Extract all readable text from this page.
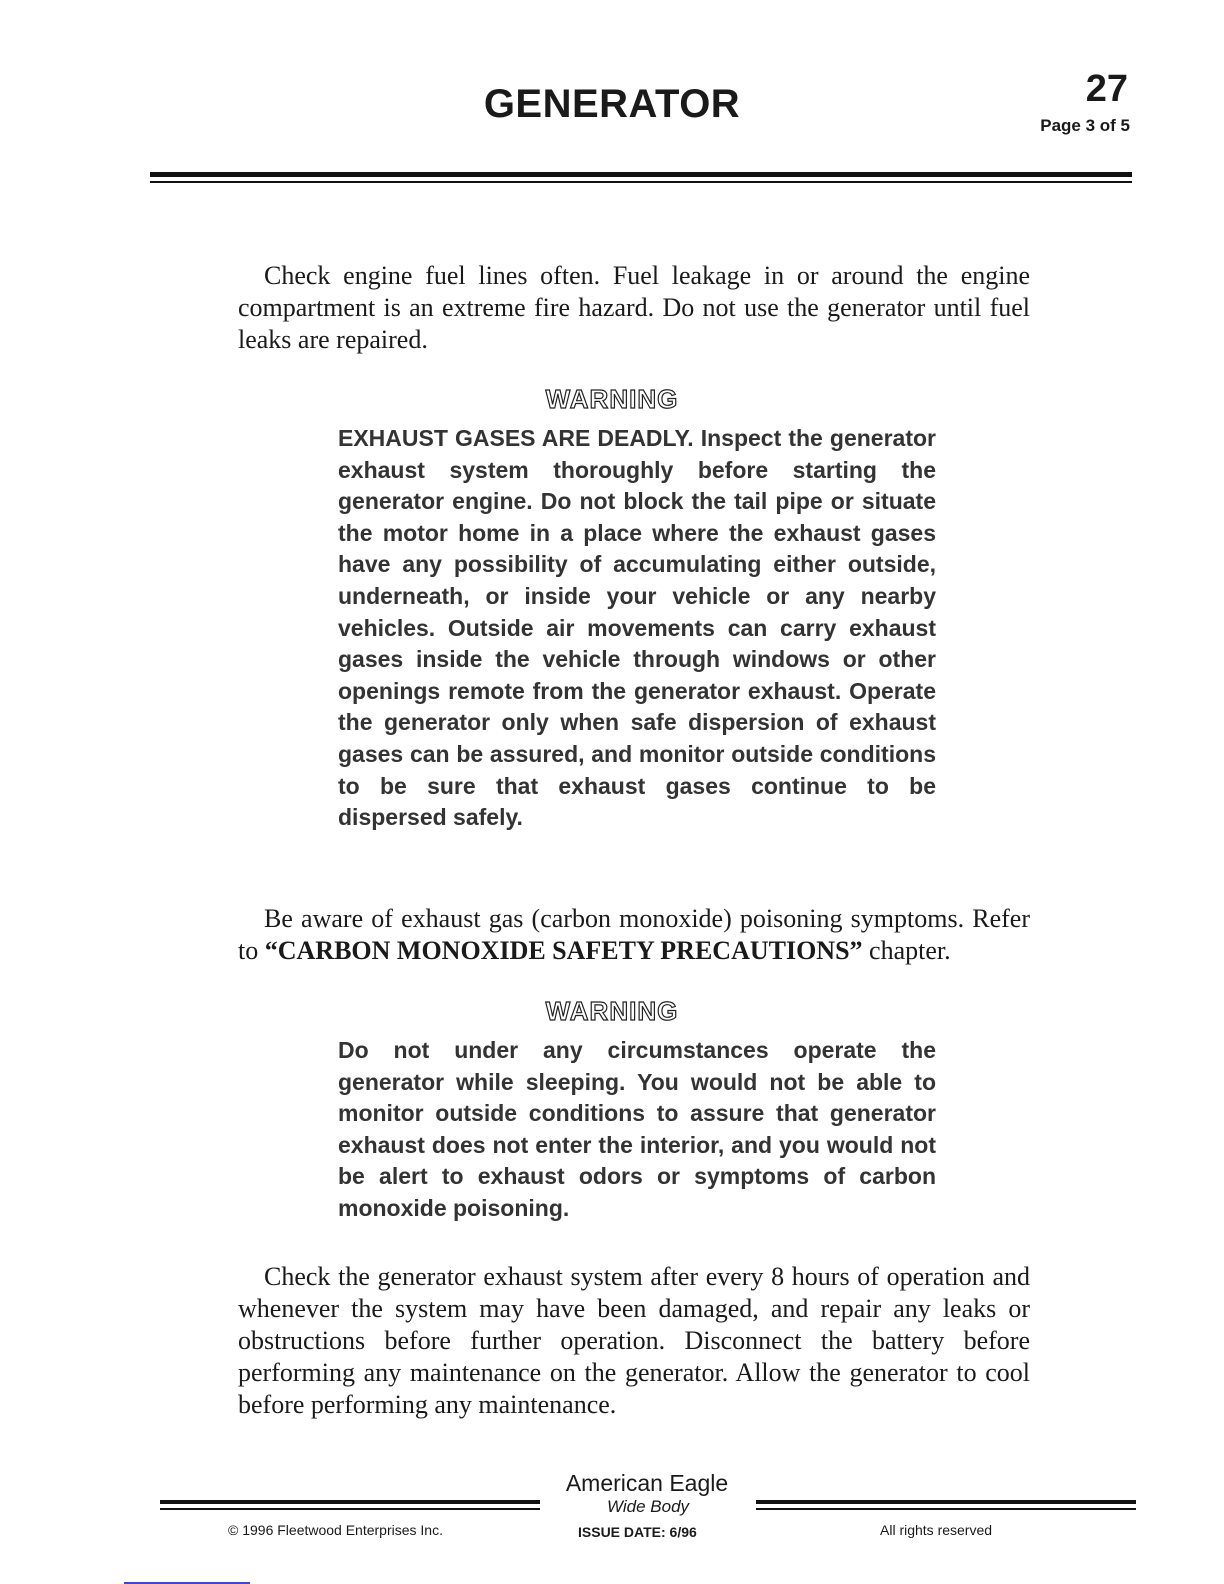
GENERATOR	27
Page 3 of 5

Check engine fuel lines often. Fuel leakage in or around the engine compartment is an extreme fire hazard. Do not use the generator until fuel leaks are repaired.

WARNING

EXHAUST GASES ARE DEADLY. Inspect the generator exhaust system thoroughly before starting the generator engine. Do not block the tail pipe or situate the motor home in a place where the exhaust gases have any possibility of accumulating either outside, underneath, or inside your vehicle or any nearby vehicles. Outside air movements can carry exhaust gases inside the vehicle through windows or other openings remote from the generator exhaust. Operate the generator only when safe dispersion of exhaust gases can be assured, and monitor outside conditions to be sure that exhaust gases continue to be dispersed safely.

Be aware of exhaust gas (carbon monoxide) poisoning symptoms. Refer to “CARBON MONOXIDE SAFETY PRECAUTIONS” chapter.

WARNING

Do not under any circumstances operate the generator while sleeping. You would not be able to monitor outside conditions to assure that generator exhaust does not enter the interior, and you would not be alert to exhaust odors or symptoms of carbon monoxide poisoning.

Check the generator exhaust system after every 8 hours of operation and whenever the system may have been damaged, and repair any leaks or obstructions before further operation. Disconnect the battery before performing any maintenance on the generator. Allow the generator to cool before performing any maintenance.

American Eagle
Wide Body
© 1996 Fleetwood Enterprises Inc.	ISSUE DATE: 6/96	All rights reserved
